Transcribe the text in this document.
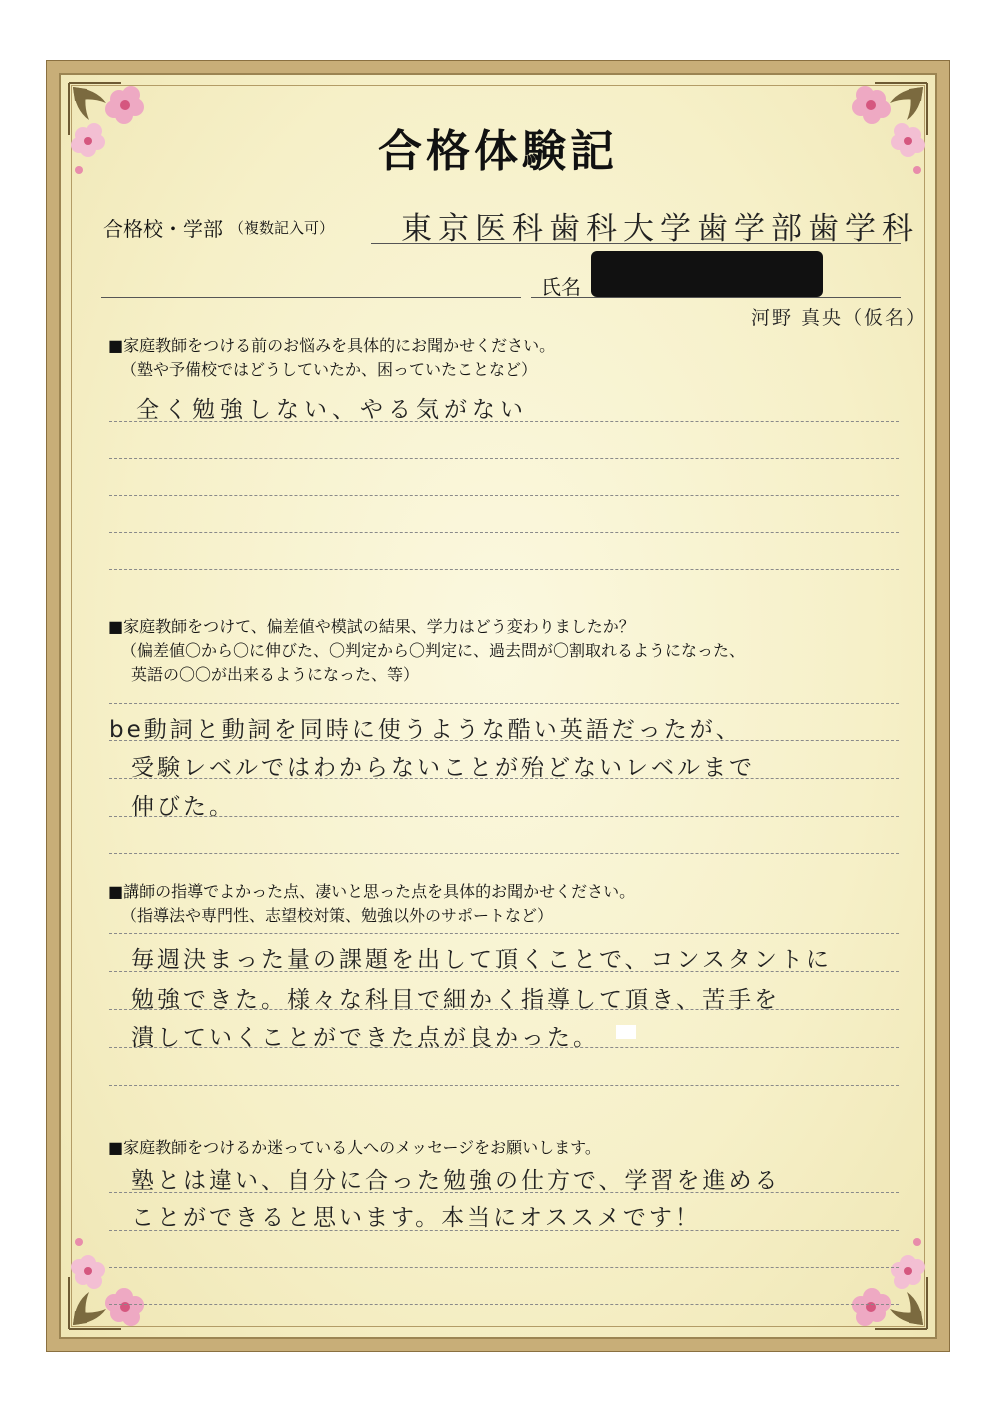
合格体験記
合格校・学部 （複数記入可） 東京医科歯科大学歯学部歯学科
氏名
河野 真央（仮名）
■家庭教師をつける前のお悩みを具体的にお聞かせください。
（塾や予備校ではどうしていたか、困っていたことなど）
全く勉強しない、やる気がない
■家庭教師をつけて、偏差値や模試の結果、学力はどう変わりましたか？
（偏差値〇から〇に伸びた、〇判定から〇判定に、過去問が〇割取れるようになった、
英語の〇〇が出来るようになった、等）
be動詞と動詞を同時に使うような酷い英語だったが、
受験レベルではわからないことが殆どないレベルまで
伸びた。
■講師の指導でよかった点、凄いと思った点を具体的お聞かせください。
（指導法や専門性、志望校対策、勉強以外のサポートなど）
毎週決まった量の課題を出して頂くことで、コンスタントに
勉強できた。様々な科目で細かく指導して頂き、苦手を
潰していくことができた点が良かった。
■家庭教師をつけるか迷っている人へのメッセージをお願いします。
塾とは違い、自分に合った勉強の仕方で、学習を進める
ことができると思います。本当にオススメです！
